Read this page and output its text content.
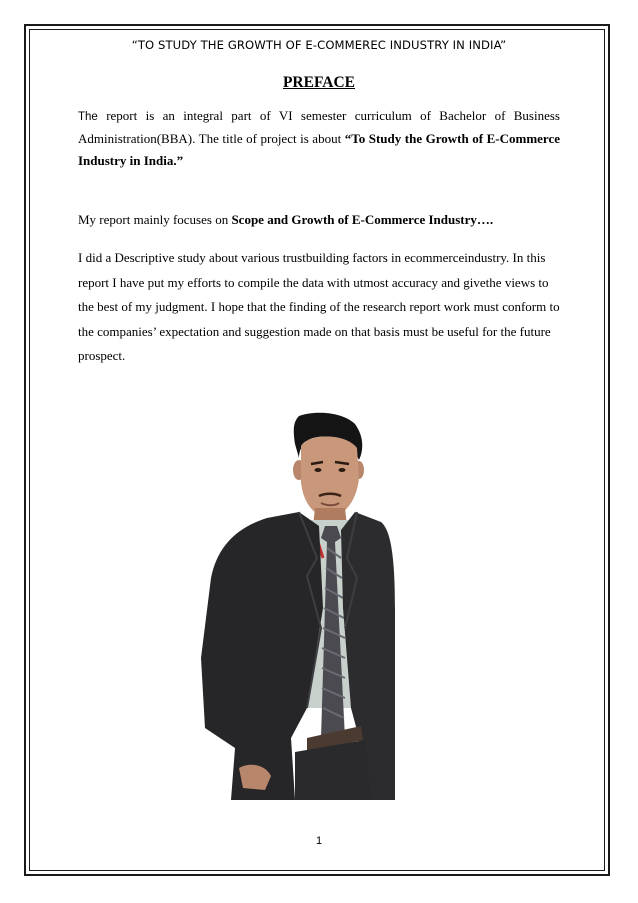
“TO STUDY THE GROWTH OF E-COMMEREC INDUSTRY IN INDIA”
PREFACE
The report is an integral part of VI semester curriculum of Bachelor of Business
Administration(BBA). The title of project is about “To Study the Growth of E-Commerce Industry in India.”
My report mainly focuses on Scope and Growth of E-Commerce Industry….
I did a Descriptive study about various trustbuilding factors in ecommerceindustry. In this
report I have put my efforts to compile the data with utmost accuracy and givethe views to
the best of my judgment. I hope that the finding of the research report work must conform to
the companies’ expectation and suggestion made on that basis must be useful for the future
prospect.
1
